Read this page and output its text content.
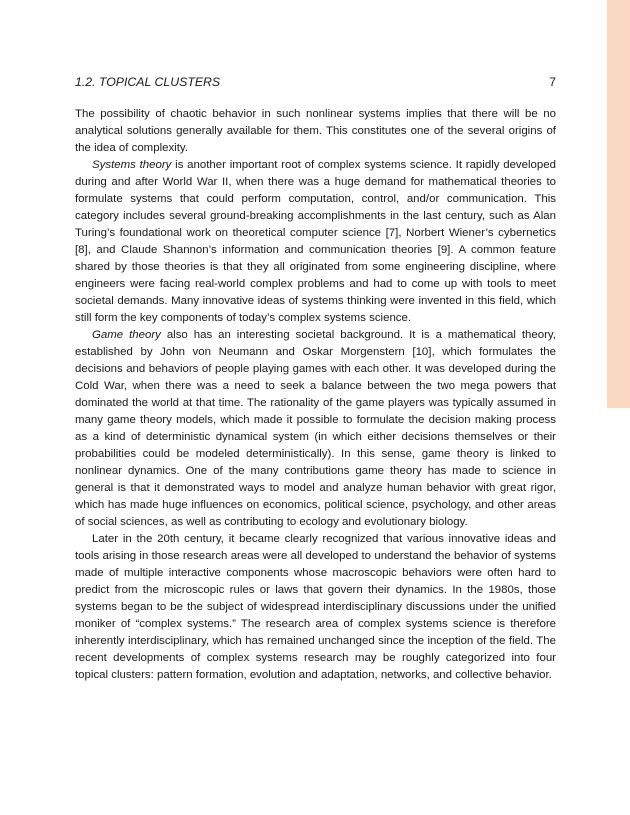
1.2. TOPICAL CLUSTERS	7

The possibility of chaotic behavior in such nonlinear systems implies that there will be no analytical solutions generally available for them. This constitutes one of the several origins of the idea of complexity.

Systems theory is another important root of complex systems science. It rapidly developed during and after World War II, when there was a huge demand for mathematical theories to formulate systems that could perform computation, control, and/or communication. This category includes several ground-breaking accomplishments in the last century, such as Alan Turing’s foundational work on theoretical computer science [7], Norbert Wiener’s cybernetics [8], and Claude Shannon’s information and communication theories [9]. A common feature shared by those theories is that they all originated from some engineering discipline, where engineers were facing real-world complex problems and had to come up with tools to meet societal demands. Many innovative ideas of systems thinking were invented in this field, which still form the key components of today’s complex systems science.

Game theory also has an interesting societal background. It is a mathematical theory, established by John von Neumann and Oskar Morgenstern [10], which formulates the decisions and behaviors of people playing games with each other. It was developed during the Cold War, when there was a need to seek a balance between the two mega powers that dominated the world at that time. The rationality of the game players was typically assumed in many game theory models, which made it possible to formulate the decision making process as a kind of deterministic dynamical system (in which either decisions themselves or their probabilities could be modeled deterministically). In this sense, game theory is linked to nonlinear dynamics. One of the many contributions game theory has made to science in general is that it demonstrated ways to model and analyze human behavior with great rigor, which has made huge influences on economics, political science, psychology, and other areas of social sciences, as well as contributing to ecology and evolutionary biology.

Later in the 20th century, it became clearly recognized that various innovative ideas and tools arising in those research areas were all developed to understand the behavior of systems made of multiple interactive components whose macroscopic behaviors were often hard to predict from the microscopic rules or laws that govern their dynamics. In the 1980s, those systems began to be the subject of widespread interdisciplinary discussions under the unified moniker of “complex systems.” The research area of complex systems science is therefore inherently interdisciplinary, which has remained unchanged since the inception of the field. The recent developments of complex systems research may be roughly categorized into four topical clusters: pattern formation, evolution and adaptation, networks, and collective behavior.
